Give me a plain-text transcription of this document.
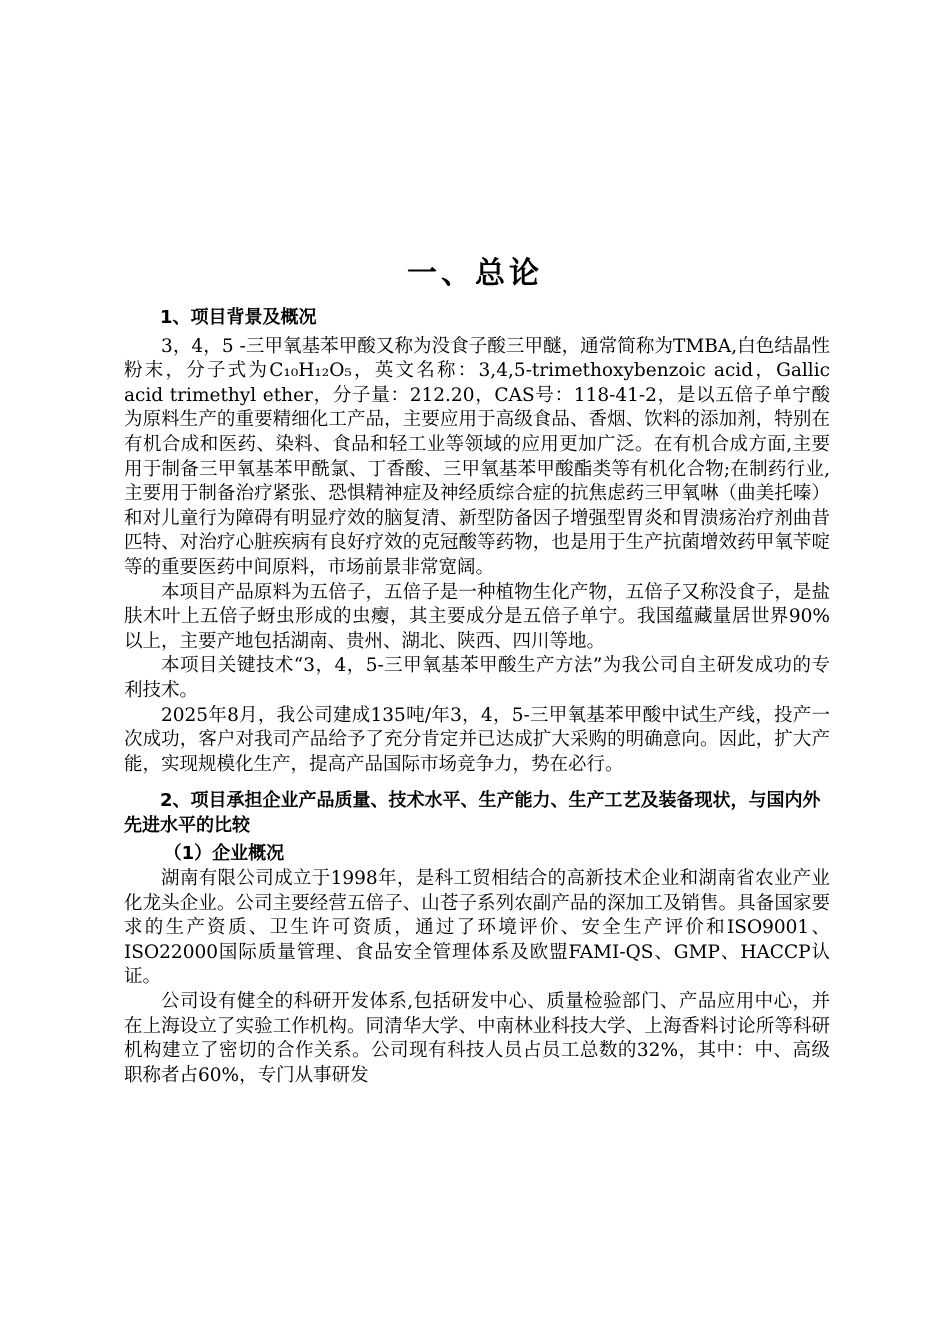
一、总论
1、项目背景及概况

3，4，5 -三甲氧基苯甲酸又称为没食子酸三甲醚，通常简称为TMBA,白色结晶性粉末，分子式为C₁₀H₁₂O₅，英文名称：3,4,5-trimethoxybenzoic acid，Gallic acid trimethyl ether，分子量：212.20，CAS号：118-41-2，是以五倍子单宁酸为原料生产的重要精细化工产品，主要应用于高级食品、香烟、饮料的添加剂，特别在有机合成和医药、染料、食品和轻工业等领域的应用更加广泛。在有机合成方面,主要用于制备三甲氧基苯甲酰氯、丁香酸、三甲氧基苯甲酸酯类等有机化合物;在制药行业,主要用于制备治疗紧张、恐惧精神症及神经质综合症的抗焦虑药三甲氧啉（曲美托嗪）和对儿童行为障碍有明显疗效的脑复清、新型防备因子增强型胃炎和胃溃疡治疗剂曲昔匹特、对治疗心脏疾病有良好疗效的克冠酸等药物，也是用于生产抗菌增效药甲氧苄啶等的重要医药中间原料，市场前景非常宽阔。

本项目产品原料为五倍子，五倍子是一种植物生化产物，五倍子又称没食子，是盐肤木叶上五倍子蚜虫形成的虫瘿，其主要成分是五倍子单宁。我国蕴藏量居世界90%以上，主要产地包括湖南、贵州、湖北、陕西、四川等地。

本项目关键技术“3，4，5-三甲氧基苯甲酸生产方法”为我公司自主研发成功的专利技术。

2025年8月，我公司建成135吨/年3，4，5-三甲氧基苯甲酸中试生产线，投产一次成功，客户对我司产品给予了充分肯定并已达成扩大采购的明确意向。因此，扩大产能，实现规模化生产，提高产品国际市场竞争力，势在必行。

2、项目承担企业产品质量、技术水平、生产能力、生产工艺及装备现状，与国内外先进水平的比较
（1）企业概况

湖南有限公司成立于1998年，是科工贸相结合的高新技术企业和湖南省农业产业化龙头企业。公司主要经营五倍子、山苍子系列农副产品的深加工及销售。具备国家要求的生产资质、卫生许可资质，通过了环境评价、安全生产评价和ISO9001、ISO22000国际质量管理、食品安全管理体系及欧盟FAMI-QS、GMP、HACCP认证。

公司设有健全的科研开发体系,包括研发中心、质量检验部门、产品应用中心，并在上海设立了实验工作机构。同清华大学、中南林业科技大学、上海香料讨论所等科研机构建立了密切的合作关系。公司现有科技人员占员工总数的32%，其中：中、高级职称者占60%，专门从事研发
